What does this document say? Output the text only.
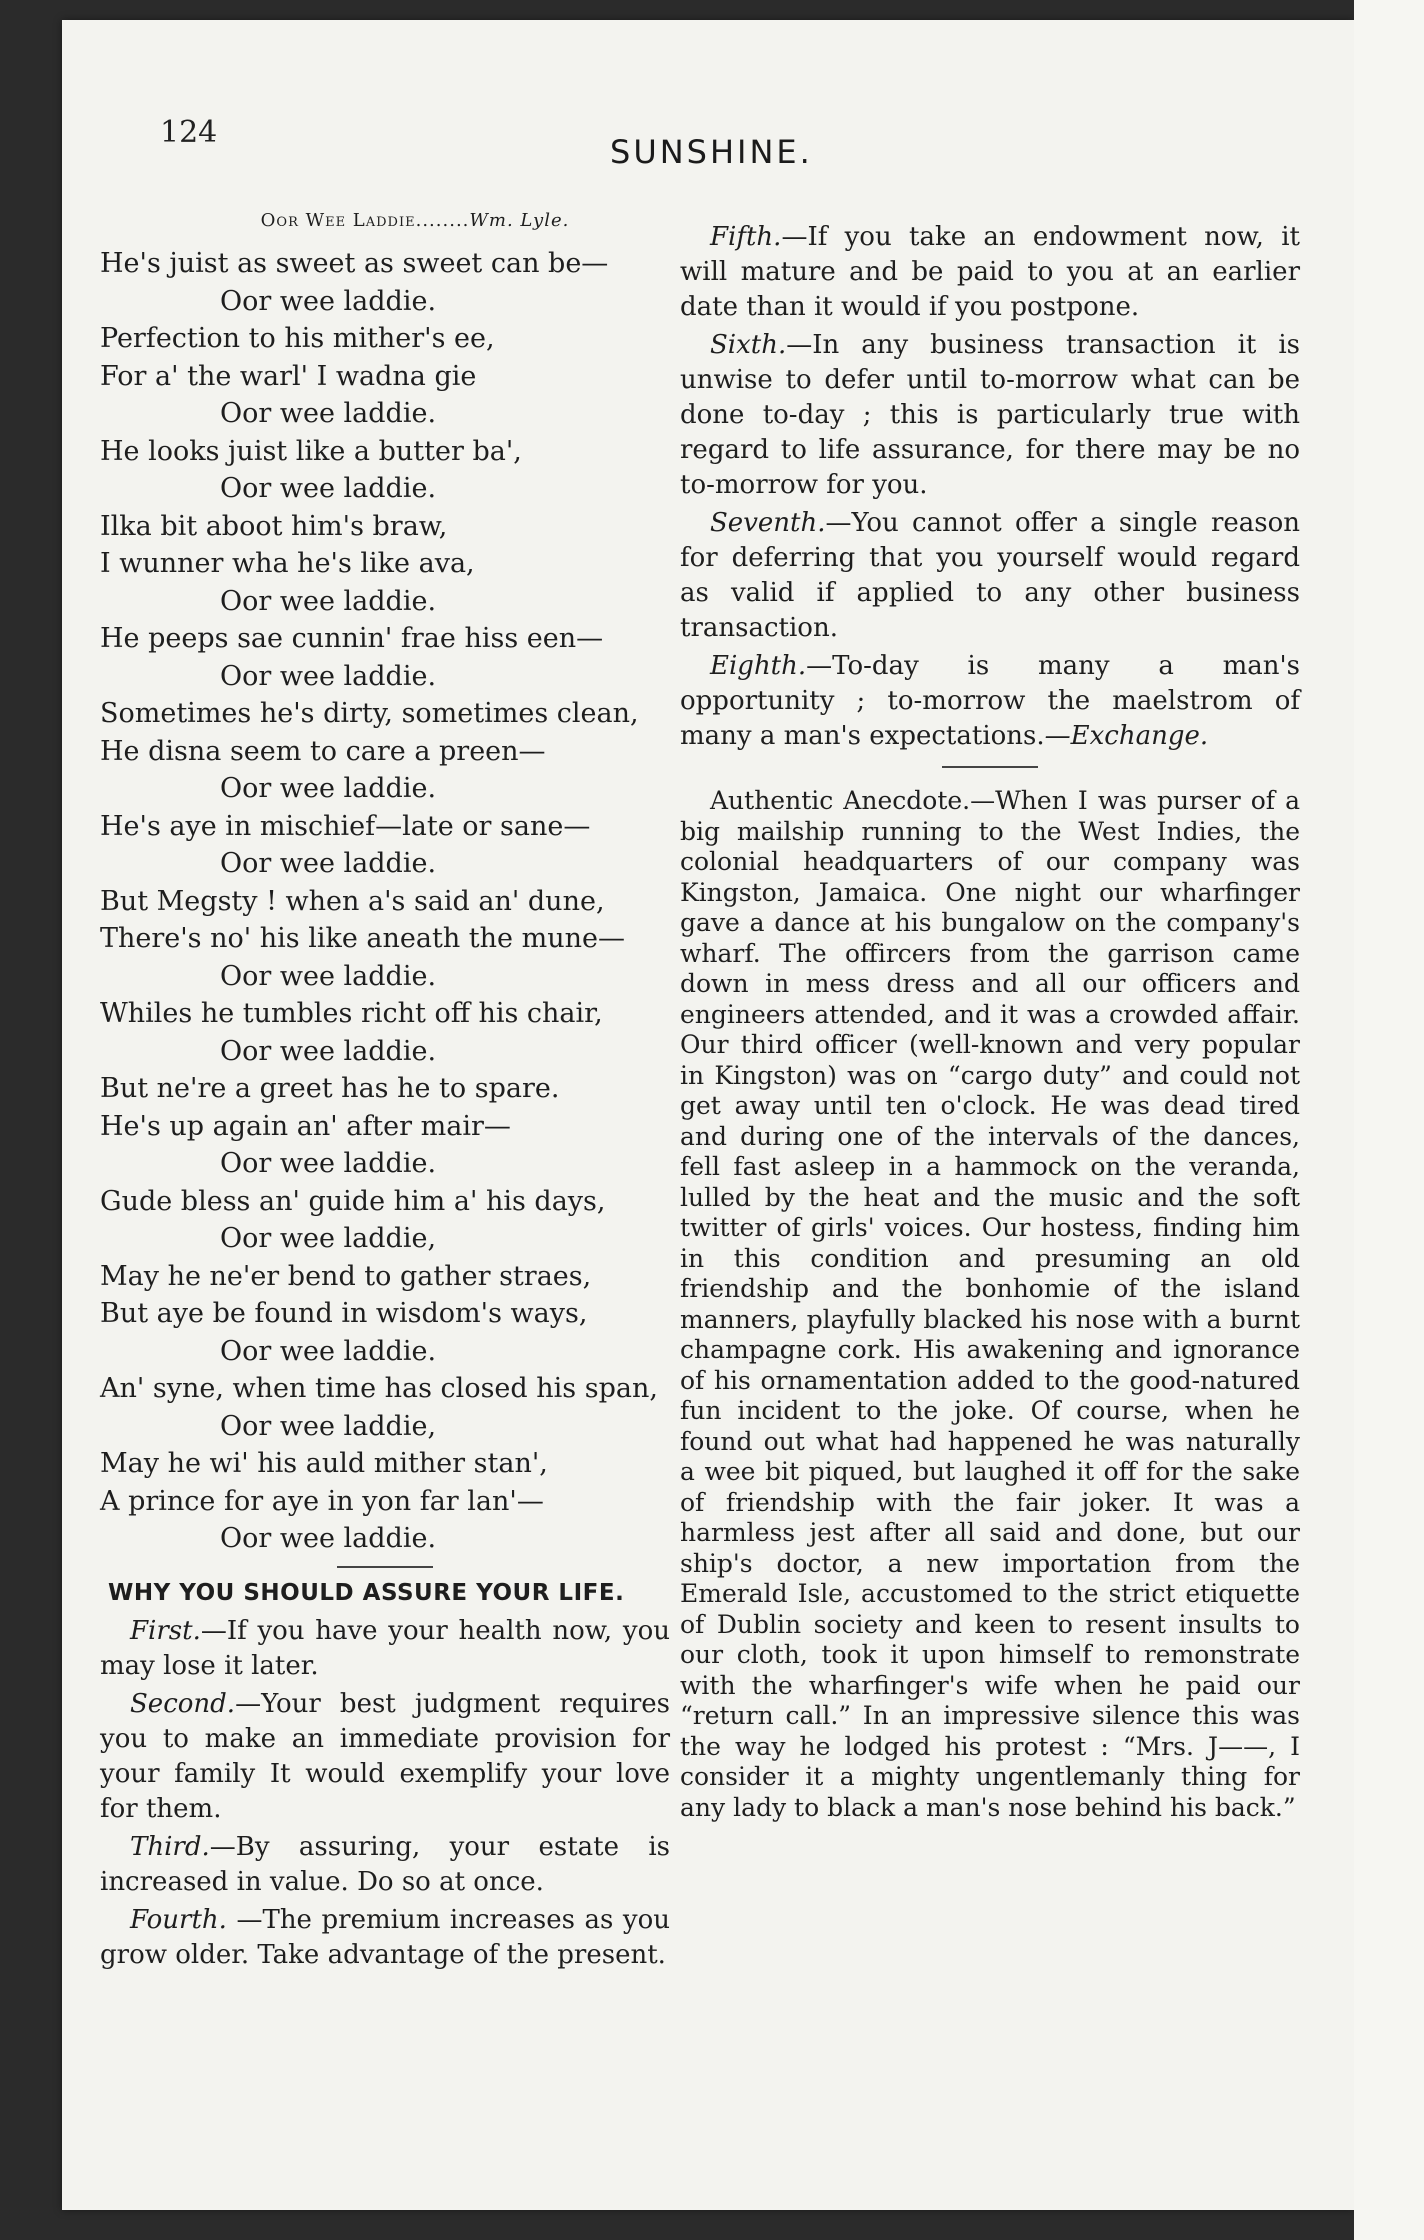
124
SUNSHINE.
Oor Wee Laddie........Wm. Lyle.
He's juist as sweet as sweet can be—
Oor wee laddie.
Perfection to his mither's ee,
For a' the warl' I wadna gie
Oor wee laddie.
He looks juist like a butter ba',
Oor wee laddie.
Ilka bit aboot him's braw,
I wunner wha he's like ava,
Oor wee laddie.
He peeps sae cunnin' frae hiss een—
Oor wee laddie.
Sometimes he's dirty, sometimes clean,
He disna seem to care a preen—
Oor wee laddie.
He's aye in mischief—late or sane—
Oor wee laddie.
But Megsty ! when a's said an' dune,
There's no' his like aneath the mune—
Oor wee laddie.
Whiles he tumbles richt off his chair,
Oor wee laddie.
But ne're a greet has he to spare.
He's up again an' after mair—
Oor wee laddie.
Gude bless an' guide him a' his days,
Oor wee laddie,
May he ne'er bend to gather straes,
But aye be found in wisdom's ways,
Oor wee laddie.
An' syne, when time has closed his span,
Oor wee laddie,
May he wi' his auld mither stan',
A prince for aye in yon far lan'—
Oor wee laddie.
WHY YOU SHOULD ASSURE YOUR LIFE.

First.—If you have your health now, you may lose it later.

Second.—Your best judgment requires you to make an immediate provision for your family It would exemplify your love for them.

Third.—By assuring, your estate is increased in value. Do so at once.

Fourth. —The premium increases as you grow older. Take advantage of the present.

Fifth.—If you take an endowment now, it will mature and be paid to you at an earlier date than it would if you postpone.

Sixth.—In any business transaction it is unwise to defer until to-morrow what can be done to-day ; this is particularly true with regard to life assurance, for there may be no to-morrow for you.

Seventh.—You cannot offer a single reason for deferring that you yourself would regard as valid if applied to any other business transaction.

Eighth.—To-day is many a man's opportunity ; to-morrow the maelstrom of many a man's expectations.—Exchange.

Authentic Anecdote.—When I was purser of a big mailship running to the West Indies, the colonial headquarters of our company was Kingston, Jamaica. One night our wharfinger gave a dance at his bungalow on the company's wharf. The offircers from the garrison came down in mess dress and all our officers and engineers attended, and it was a crowded affair. Our third officer (well-known and very popular in Kingston) was on “cargo duty” and could not get away until ten o'clock. He was dead tired and during one of the intervals of the dances, fell fast asleep in a hammock on the veranda, lulled by the heat and the music and the soft twitter of girls' voices. Our hostess, finding him in this condition and presuming an old friendship and the bonhomie of the island manners, playfully blacked his nose with a burnt champagne cork. His awakening and ignorance of his ornamentation added to the good-natured fun incident to the joke. Of course, when he found out what had happened he was naturally a wee bit piqued, but laughed it off for the sake of friendship with the fair joker. It was a harmless jest after all said and done, but our ship's doctor, a new importation from the Emerald Isle, accustomed to the strict etiquette of Dublin society and keen to resent insults to our cloth, took it upon himself to remonstrate with the wharfinger's wife when he paid our “return call.” In an impressive silence this was the way he lodged his protest : “Mrs. J——, I consider it a mighty ungentlemanly thing for any lady to black a man's nose behind his back.”
